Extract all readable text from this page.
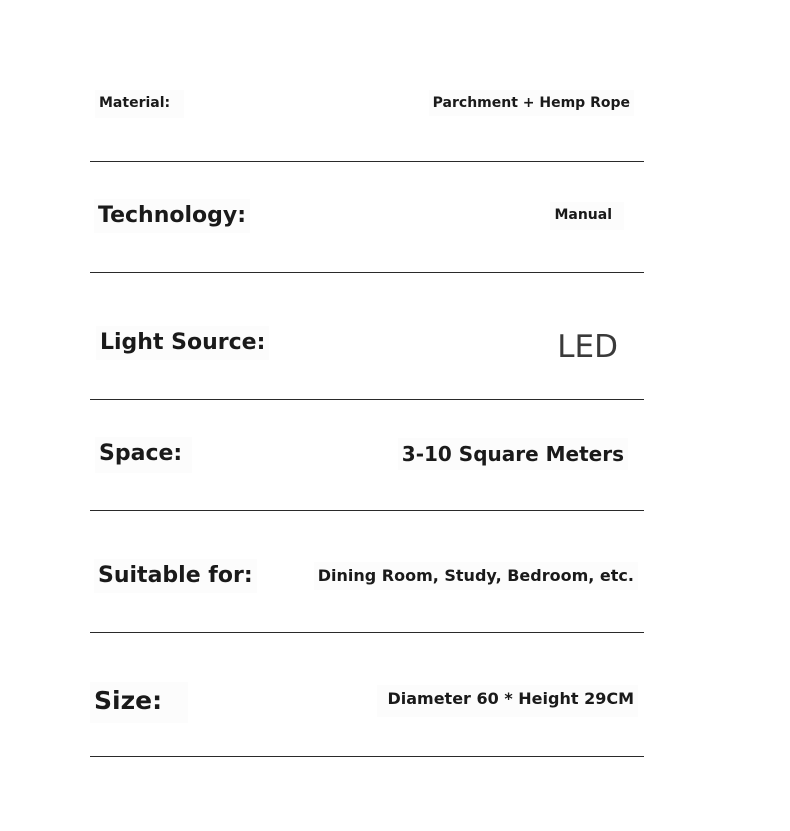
Material:	Parchment + Hemp Rope
Technology:	Manual
Light Source:	LED
Space:	3-10 Square Meters
Suitable for:	Dining Room, Study, Bedroom, etc.
Size:	Diameter 60 * Height 29CM
